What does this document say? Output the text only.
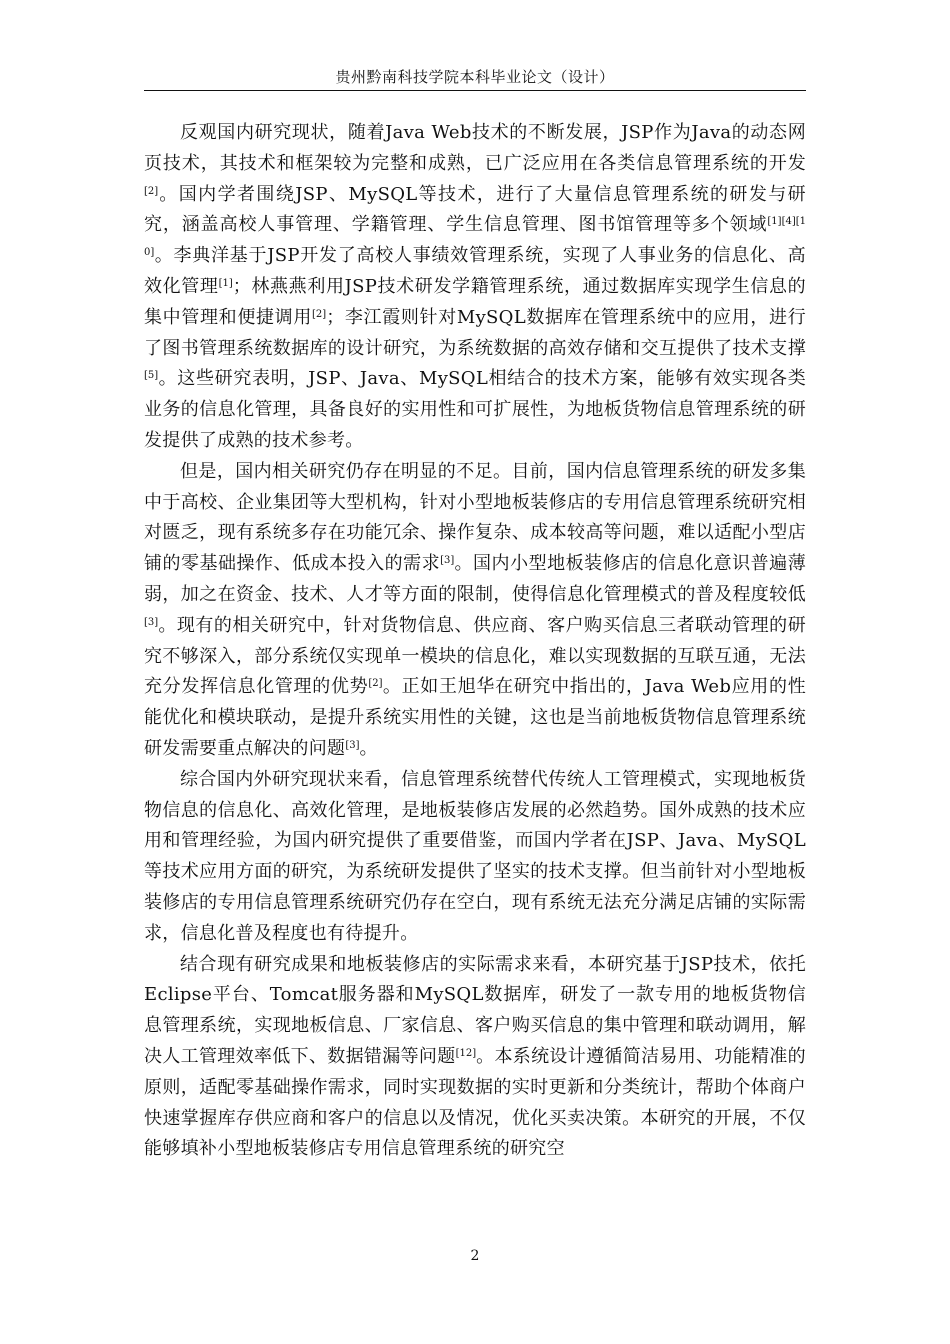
贵州黔南科技学院本科毕业论文（设计）

反观国内研究现状，随着Java Web技术的不断发展，JSP作为Java的动态网页技术，其技术和框架较为完整和成熟，已广泛应用在各类信息管理系统的开发[2]。国内学者围绕JSP、MySQL等技术，进行了大量信息管理系统的研发与研究，涵盖高校人事管理、学籍管理、学生信息管理、图书馆管理等多个领域[1][4][10]。李典洋基于JSP开发了高校人事绩效管理系统，实现了人事业务的信息化、高效化管理[1]；林燕燕利用JSP技术研发学籍管理系统，通过数据库实现学生信息的集中管理和便捷调用[2]；李江霞则针对MySQL数据库在管理系统中的应用，进行了图书管理系统数据库的设计研究，为系统数据的高效存储和交互提供了技术支撑[5]。这些研究表明，JSP、Java、MySQL相结合的技术方案，能够有效实现各类业务的信息化管理，具备良好的实用性和可扩展性，为地板货物信息管理系统的研发提供了成熟的技术参考。

但是，国内相关研究仍存在明显的不足。目前，国内信息管理系统的研发多集中于高校、企业集团等大型机构，针对小型地板装修店的专用信息管理系统研究相对匮乏，现有系统多存在功能冗余、操作复杂、成本较高等问题，难以适配小型店铺的零基础操作、低成本投入的需求[3]。国内小型地板装修店的信息化意识普遍薄弱，加之在资金、技术、人才等方面的限制，使得信息化管理模式的普及程度较低[3]。现有的相关研究中，针对货物信息、供应商、客户购买信息三者联动管理的研究不够深入，部分系统仅实现单一模块的信息化，难以实现数据的互联互通，无法充分发挥信息化管理的优势[2]。正如王旭华在研究中指出的，Java Web应用的性能优化和模块联动，是提升系统实用性的关键，这也是当前地板货物信息管理系统研发需要重点解决的问题[3]。

综合国内外研究现状来看，信息管理系统替代传统人工管理模式，实现地板货物信息的信息化、高效化管理，是地板装修店发展的必然趋势。国外成熟的技术应用和管理经验，为国内研究提供了重要借鉴，而国内学者在JSP、Java、MySQL等技术应用方面的研究，为系统研发提供了坚实的技术支撑。但当前针对小型地板装修店的专用信息管理系统研究仍存在空白，现有系统无法充分满足店铺的实际需求，信息化普及程度也有待提升。

结合现有研究成果和地板装修店的实际需求来看，本研究基于JSP技术，依托Eclipse平台、Tomcat服务器和MySQL数据库，研发了一款专用的地板货物信息管理系统，实现地板信息、厂家信息、客户购买信息的集中管理和联动调用，解决人工管理效率低下、数据错漏等问题[12]。本系统设计遵循简洁易用、功能精准的原则，适配零基础操作需求，同时实现数据的实时更新和分类统计，帮助个体商户快速掌握库存供应商和客户的信息以及情况，优化买卖决策。本研究的开展，不仅能够填补小型地板装修店专用信息管理系统的研究空

2
